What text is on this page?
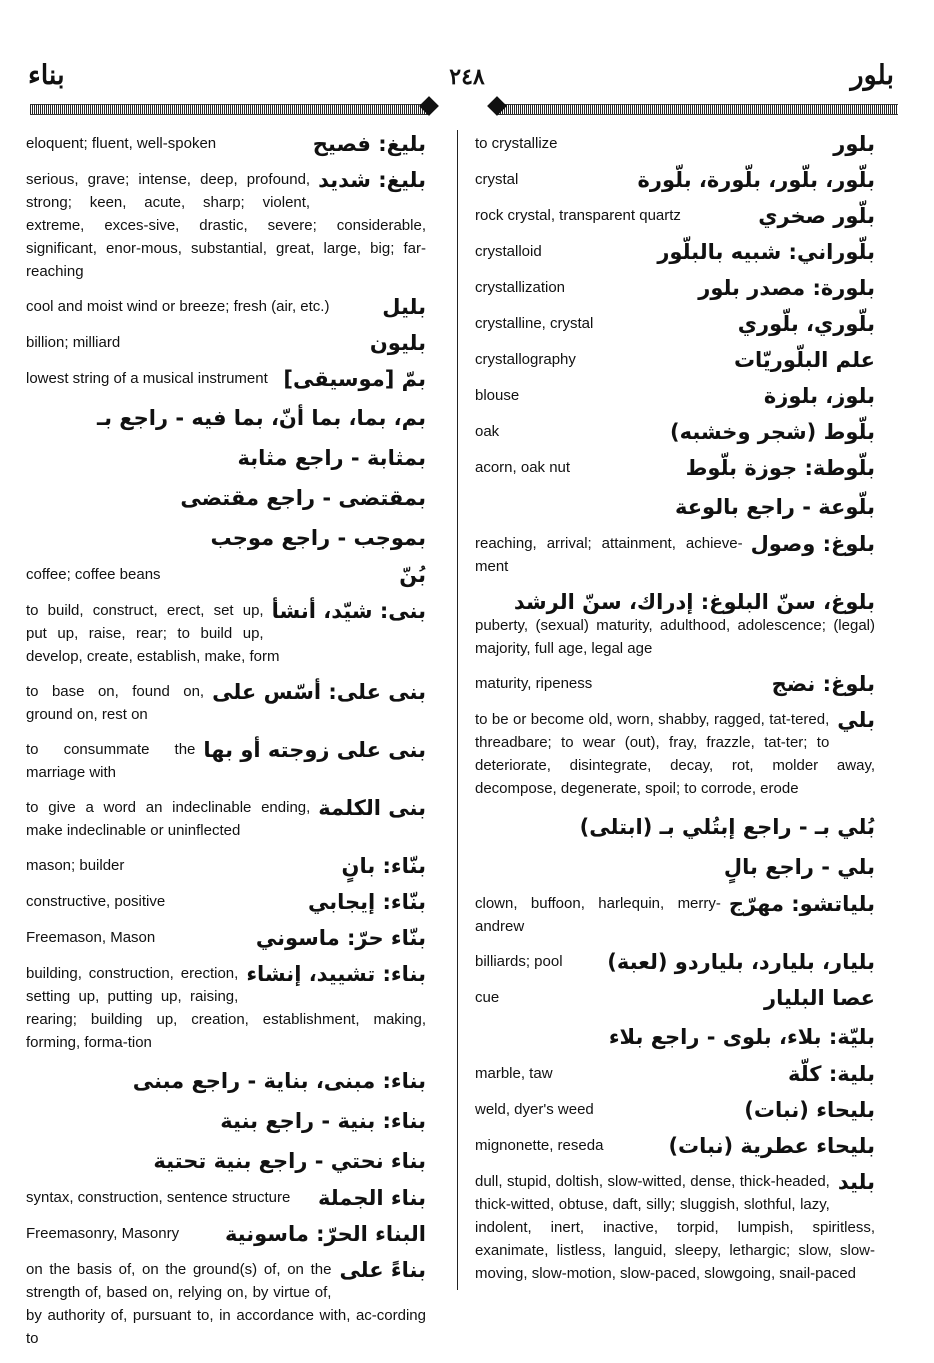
بناء	٢٤٨	بلور
بليغ: فصيح
eloquent; fluent, well-spoken
بليغ: شديد
serious, grave; intense, deep, profound, strong; keen, acute, sharp; violent, extreme, exces-sive, drastic, severe; considerable, significant, enor-mous, substantial, great, large, big; far-reaching
بليل
cool and moist wind or breeze; fresh (air, etc.)
بليون
billion; milliard
بمّ [موسيقى]
lowest string of a musical instrument
بم، بما، بما أنّ، بما فيه - راجع بـ
بمثابة - راجع مثابة
بمقتضى - راجع مقتضى
بموجب - راجع موجب
بُنّ
coffee; coffee beans
بنى: شيّد، أنشأ
to build, construct, erect, set up, put up, raise, rear; to build up, develop, create, establish, make, form
بنى على: أسّس على
to base on, found on, ground on, rest on
بنى على زوجته أو بها
to consummate the marriage with
بنى الكلمة
to give a word an indeclinable ending, make indeclinable or uninflected
بنّاء: بانٍ
mason; builder
بنّاء: إيجابي
constructive, positive
بنّاء حرّ: ماسوني
Freemason, Mason
بناء: تشييد، إنشاء
building, construction, erection, setting up, putting up, raising, rearing; building up, creation, establishment, making, forming, forma-tion
بناء: مبنى، بناية - راجع مبنى
بناء: بنية - راجع بنية
بناء نحتي - راجع بنية تحتية
بناء الجملة
syntax, construction, sentence structure
البناء الحرّ: ماسونية
Freemasonry, Masonry
بناءً على
on the basis of, on the ground(s) of, on the strength of, based on, relying on, by virtue of, by authority of, pursuant to, in accordance with, ac-cording to
بلور
to crystallize
بلّور، بلّور، بلّورة، بلّورة
crystal
بلّور صخري
rock crystal, transparent quartz
بلّوراني: شبيه بالبلّور
crystalloid
بلورة: مصدر بلور
crystallization
بلّوري، بلّوري
crystalline, crystal
علم البلّوريّات
crystallography
بلوز، بلوزة
blouse
بلّوط (شجر وخشبه)
oak
بلّوطة: جوزة بلّوط
acorn, oak nut
بلّوعة - راجع بالوعة
بلوغ: وصول
reaching, arrival; attainment, achieve-ment
بلوغ، سنّ البلوغ: إدراك، سنّ الرشد
puberty, (sexual) maturity, adulthood, adolescence; (legal) majority, full age, legal age
بلوغ: نضج
maturity, ripeness
بلي
to be or become old, worn, shabby, ragged, tat-tered, threadbare; to wear (out), fray, frazzle, tat-ter; to deteriorate, disintegrate, decay, rot, molder away, decompose, degenerate, spoil; to corrode, erode
بُلي بـ - راجع إبتُلي بـ (ابتلى)
بلي - راجع بالٍ
بلياتشو: مهرّج
clown, buffoon, harlequin, merry-andrew
بليار، بليارد، بلياردو (لعبة)
billiards; pool
عصا البليار
cue
بليّة: بلاء، بلوى - راجع بلاء
بلية: كلّة
marble, taw
بليحاء (نبات)
weld, dyer's weed
بليحاء عطرية (نبات)
mignonette, reseda
بليد
dull, stupid, doltish, slow-witted, dense, thick-headed, thick-witted, obtuse, daft, silly; sluggish, slothful, lazy, indolent, inert, inactive, torpid, lumpish, spiritless, exanimate, listless, languid, sleepy, lethargic; slow, slow-moving, slow-motion, slow-paced, slowgoing, snail-paced
